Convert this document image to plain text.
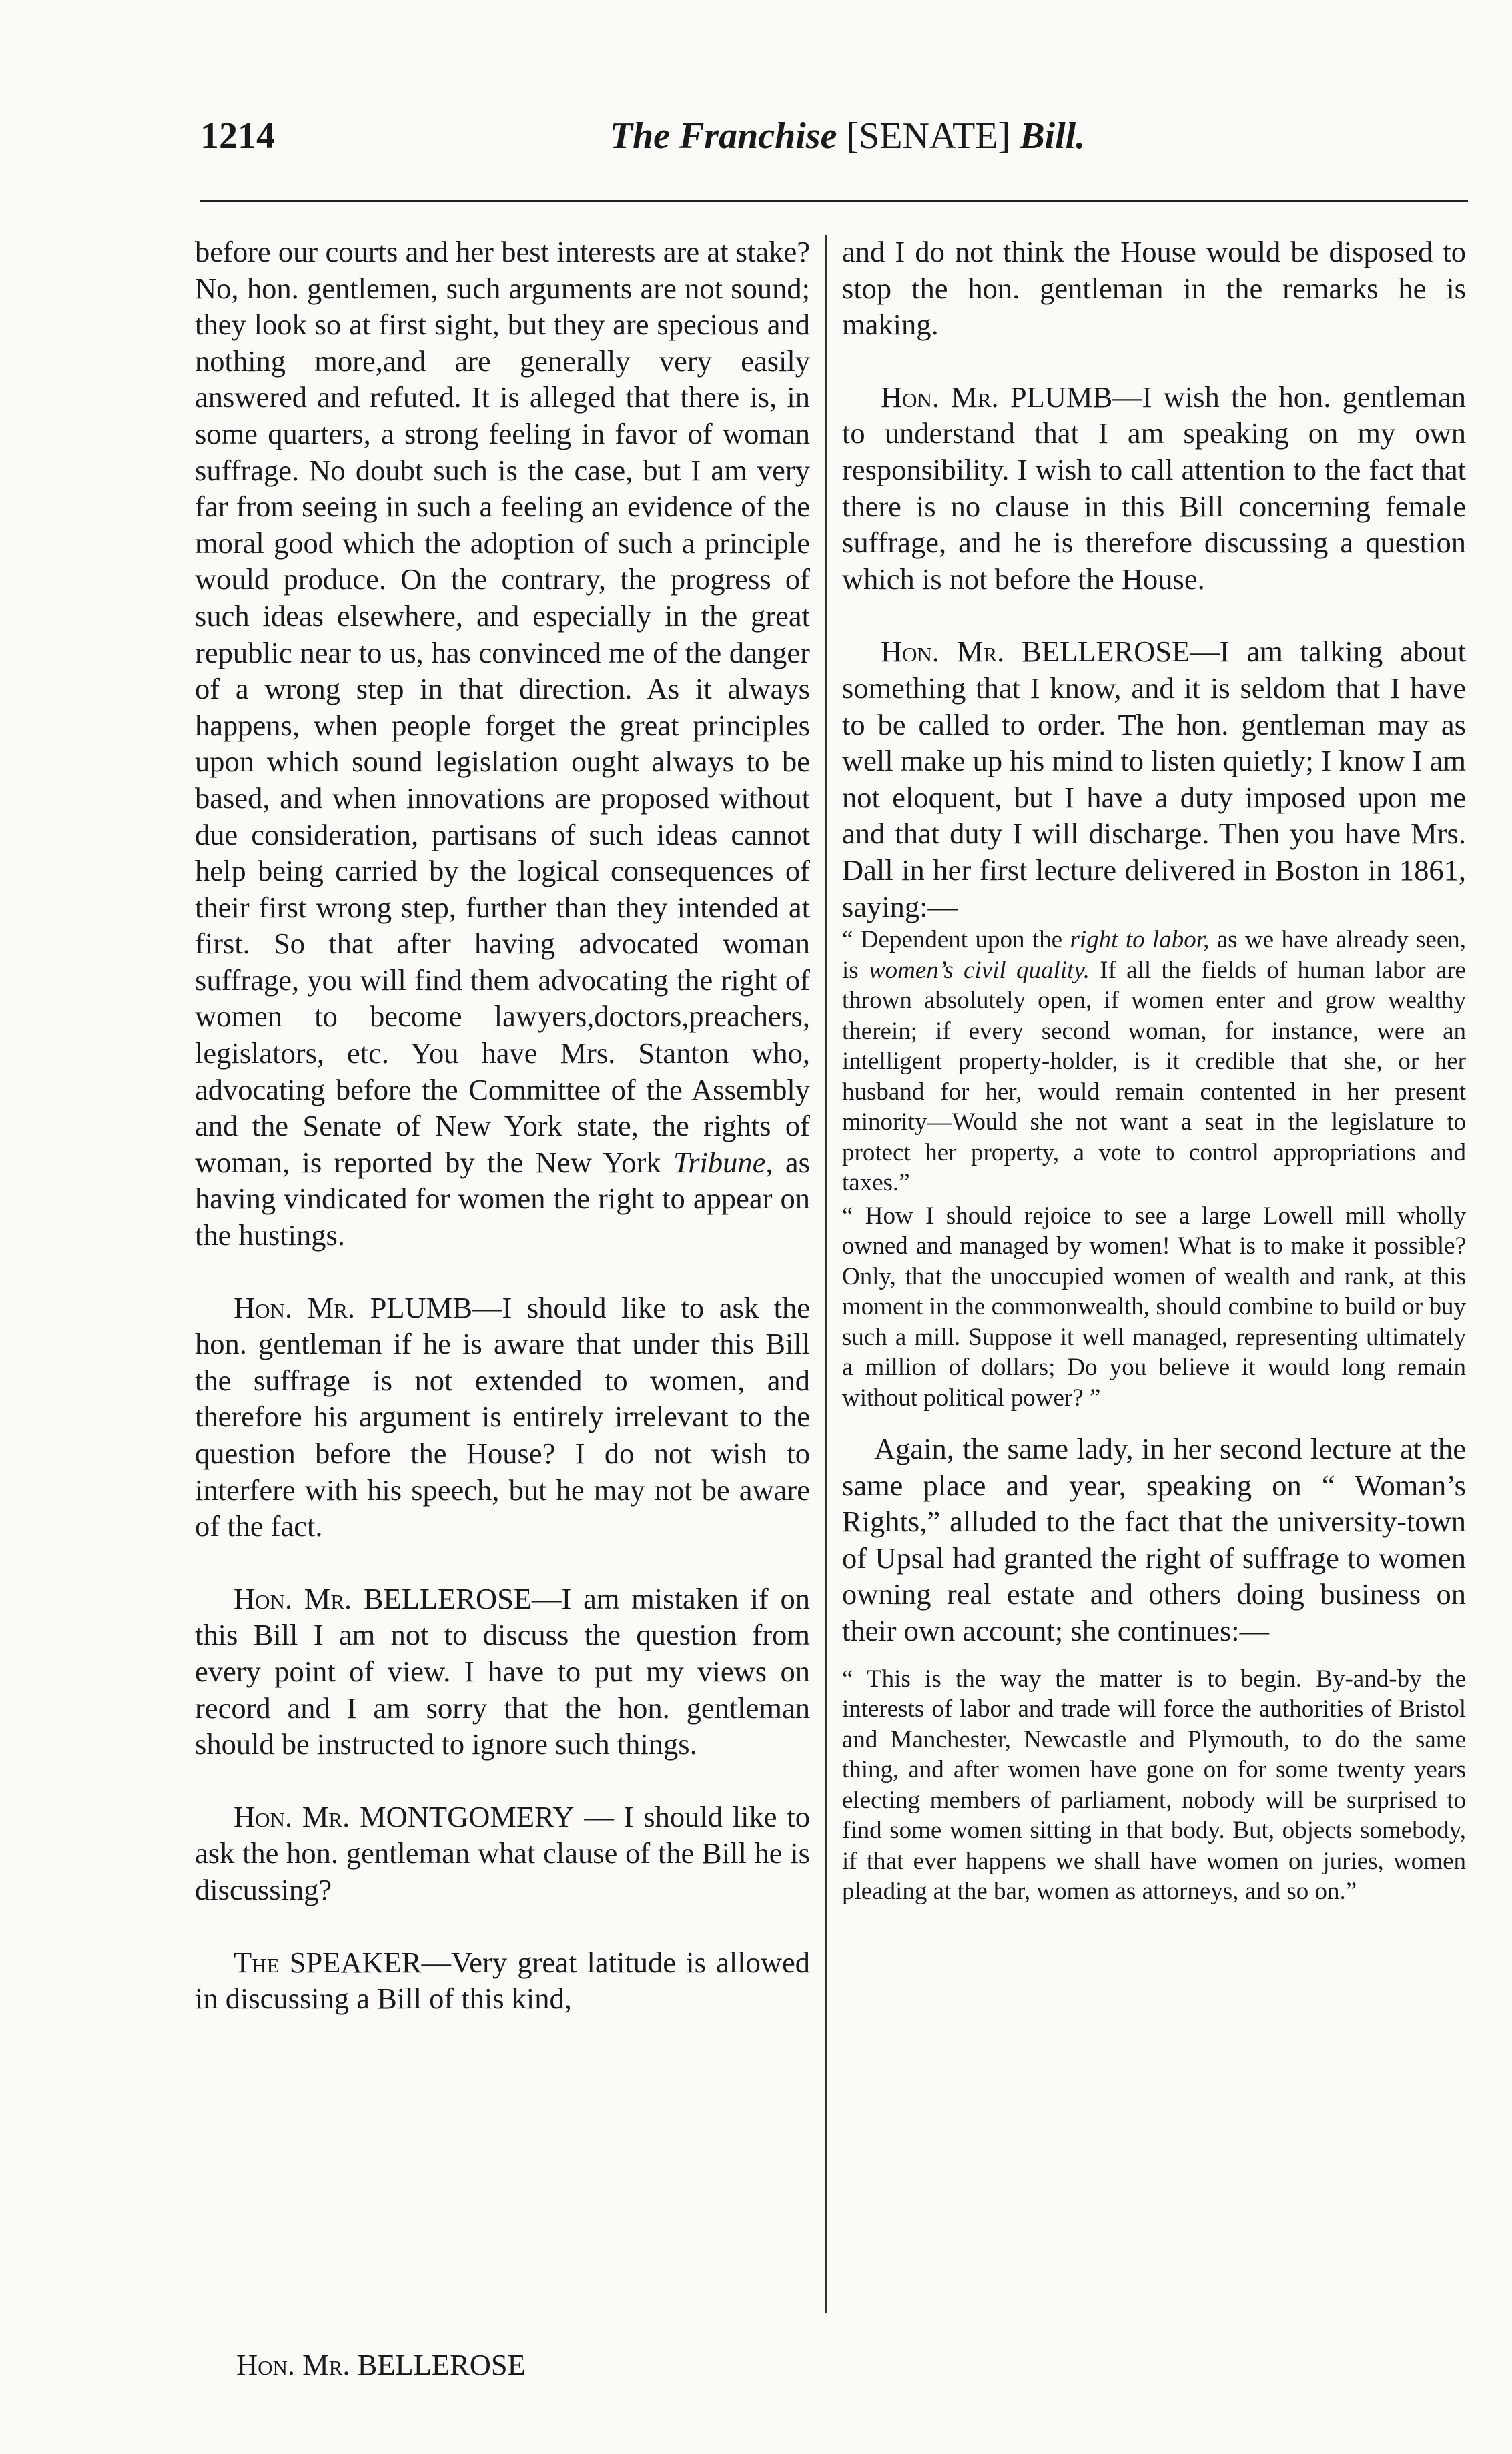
1214	The Franchise [SENATE] Bill.

before our courts and her best interests are at stake? No, hon. gentlemen, such arguments are not sound; they look so at first sight, but they are specious and nothing more,and are generally very easily answered and refuted. It is alleged that there is, in some quarters, a strong feeling in favor of woman suffrage. No doubt such is the case, but I am very far from seeing in such a feeling an evidence of the moral good which the adoption of such a principle would produce. On the contrary, the progress of such ideas elsewhere, and especially in the great republic near to us, has convinced me of the danger of a wrong step in that direction. As it always happens, when people forget the great principles upon which sound legislation ought always to be based, and when innovations are proposed without due consideration, partisans of such ideas cannot help being carried by the logical consequences of their first wrong step, further than they intended at first. So that after having advocated woman suffrage, you will find them advocating the right of women to become lawyers,doctors,preachers, legislators, etc. You have Mrs. Stanton who, advocating before the Committee of the Assembly and the Senate of New York state, the rights of woman, is reported by the New York Tribune, as having vindicated for women the right to appear on the hustings.

Hon. Mr. PLUMB—I should like to ask the hon. gentleman if he is aware that under this Bill the suffrage is not extended to women, and therefore his argument is entirely irrelevant to the question before the House? I do not wish to interfere with his speech, but he may not be aware of the fact.

Hon. Mr. BELLEROSE—I am mistaken if on this Bill I am not to discuss the question from every point of view. I have to put my views on record and I am sorry that the hon. gentleman should be instructed to ignore such things.

Hon. Mr. MONTGOMERY — I should like to ask the hon. gentleman what clause of the Bill he is discussing?

The SPEAKER—Very great latitude is allowed in discussing a Bill of this kind,

and I do not think the House would be disposed to stop the hon. gentleman in the remarks he is making.

Hon. Mr. PLUMB—I wish the hon. gentleman to understand that I am speaking on my own responsibility. I wish to call attention to the fact that there is no clause in this Bill concerning female suffrage, and he is therefore discussing a question which is not before the House.

Hon. Mr. BELLEROSE—I am talking about something that I know, and it is seldom that I have to be called to order. The hon. gentleman may as well make up his mind to listen quietly; I know I am not eloquent, but I have a duty imposed upon me and that duty I will discharge. Then you have Mrs. Dall in her first lecture delivered in Boston in 1861, saying:—

“ Dependent upon the right to labor, as we have already seen, is women’s civil quality. If all the fields of human labor are thrown absolutely open, if women enter and grow wealthy therein; if every second woman, for instance, were an intelligent property-holder, is it credible that she, or her husband for her, would remain contented in her present minority—Would she not want a seat in the legislature to protect her property, a vote to control appropriations and taxes.”

“ How I should rejoice to see a large Lowell mill wholly owned and managed by women! What is to make it possible? Only, that the unoccupied women of wealth and rank, at this moment in the commonwealth, should combine to build or buy such a mill. Suppose it well managed, representing ultimately a million of dollars; Do you believe it would long remain without political power? ”

Again, the same lady, in her second lecture at the same place and year, speaking on “ Woman’s Rights,” alluded to the fact that the university-town of Upsal had granted the right of suffrage to women owning real estate and others doing business on their own account; she continues:—

“ This is the way the matter is to begin. By-and-by the interests of labor and trade will force the authorities of Bristol and Manchester, Newcastle and Plymouth, to do the same thing, and after women have gone on for some twenty years electing members of parliament, nobody will be surprised to find some women sitting in that body. But, objects somebody, if that ever happens we shall have women on juries, women pleading at the bar, women as attorneys, and so on.”

Hon. Mr. BELLEROSE
